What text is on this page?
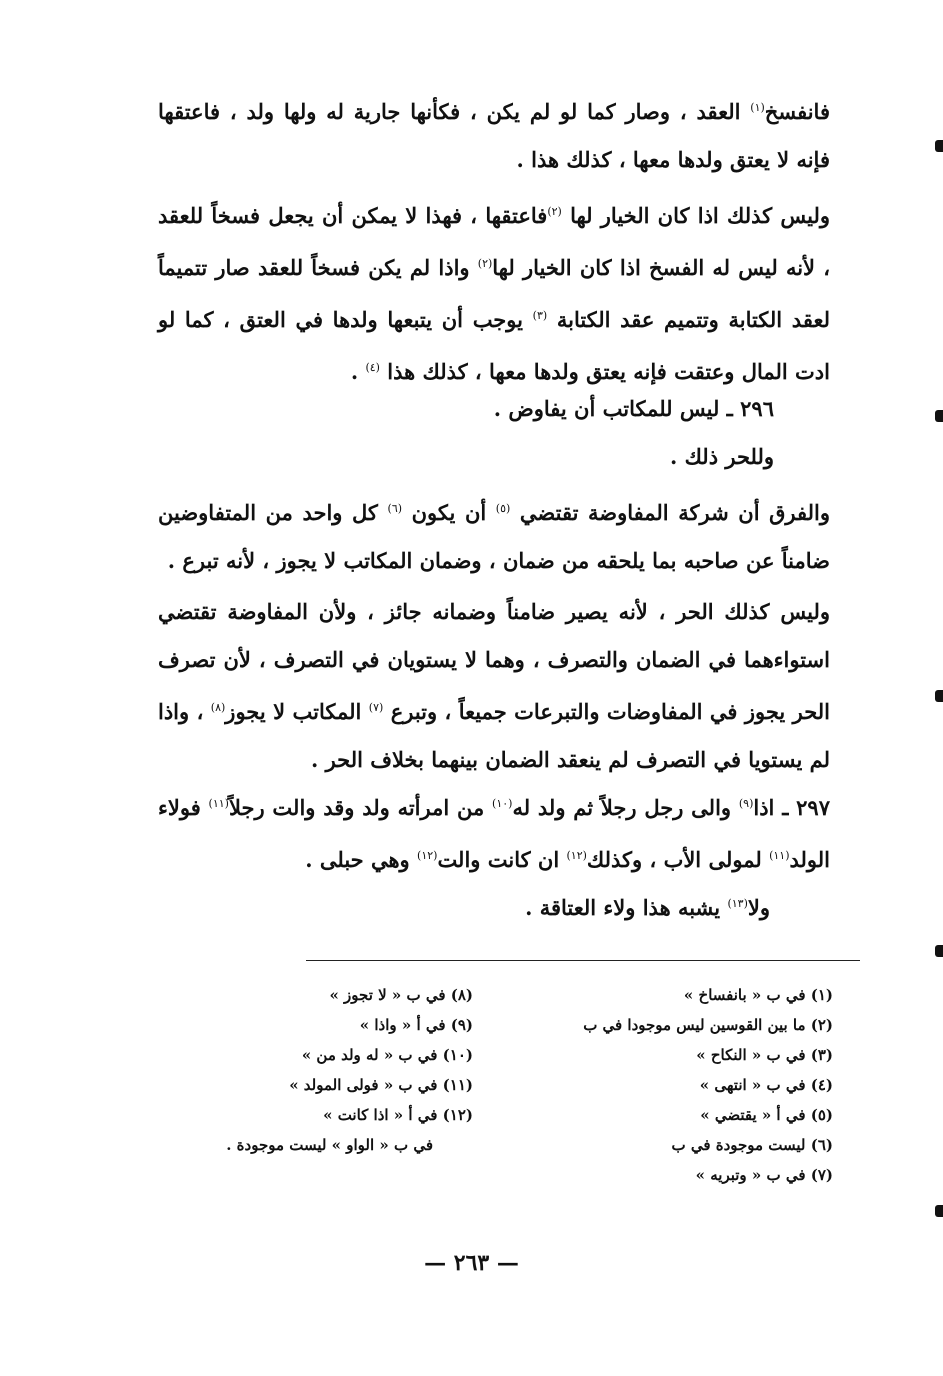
فانفسخ$^{(١)}$ العقد ، وصار كما لو لم يكن ، فكأنها جارية له ولها ولد ، فاعتقها فإنه لا يعتق ولدها معها ، كذلك هذا .

وليس كذلك اذا كان الخيار لها $^{(٢)}$فاعتقها ، فهذا لا يمكن أن يجعل فسخاً للعقد ، لأنه ليس له الفسخ اذا كان الخيار لها$^{(٢)}$ واذا لم يكن فسخاً للعقد صار تتميماً لعقد الكتابة وتتميم عقد الكتابة $^{(٣)}$ يوجب أن يتبعها ولدها في العتق ، كما لو ادت المال وعتقت فإنه يعتق ولدها معها ، كذلك هذا $^{(٤)}$ .

٢٩٦ ـ ليس للمكاتب أن يفاوض .

وللحر ذلك .

والفرق أن شركة المفاوضة تقتضي $^{(٥)}$ أن يكون $^{(٦)}$ كل واحد من المتفاوضين ضامناً عن صاحبه بما يلحقه من ضمان ، وضمان المكاتب لا يجوز ، لأنه تبرع .

وليس كذلك الحر ، لأنه يصير ضامناً وضمانه جائز ، ولأن المفاوضة تقتضي استواءهما في الضمان والتصرف ، وهما لا يستويان في التصرف ، لأن تصرف الحر يجوز في المفاوضات والتبرعات جميعاً ، وتبرع $^{(٧)}$ المكاتب لا يجوز$^{(٨)}$ ، واذا لم يستويا في التصرف لم ينعقد الضمان بينهما بخلاف الحر .

٢٩٧ ـ اذا$^{(٩)}$ والى رجل رجلاً ثم ولد له$^{(١٠)}$ من امرأته ولد وقد والت رجلاً$^{(١١)}$ فولاء الولد$^{(١١)}$ لمولى الأب ، وكذلك$^{(١٢)}$ ان كانت والت$^{(١٢)}$ وهي حبلى .

ولا$^{(١٣)}$ يشبه هذا ولاء العتاقة .

(١) في ب « بانفساخ »
(٢) ما بين القوسين ليس موجودا في ب
(٣) في ب « النكاح »
(٤) في ب « انتهى »
(٥) في أ « يقتضي »
(٦) ليست موجودة في ب
(٧) في ب « وتبريه »
(٨) في ب « لا تجوز »
(٩) في أ « واذا »
(١٠) في ب « له ولد من »
(١١) في ب « فولى المولد »
(١٢) في أ « اذا كانت »
في ب « الواو » ليست موجودة .
— ٢٦٣ —
